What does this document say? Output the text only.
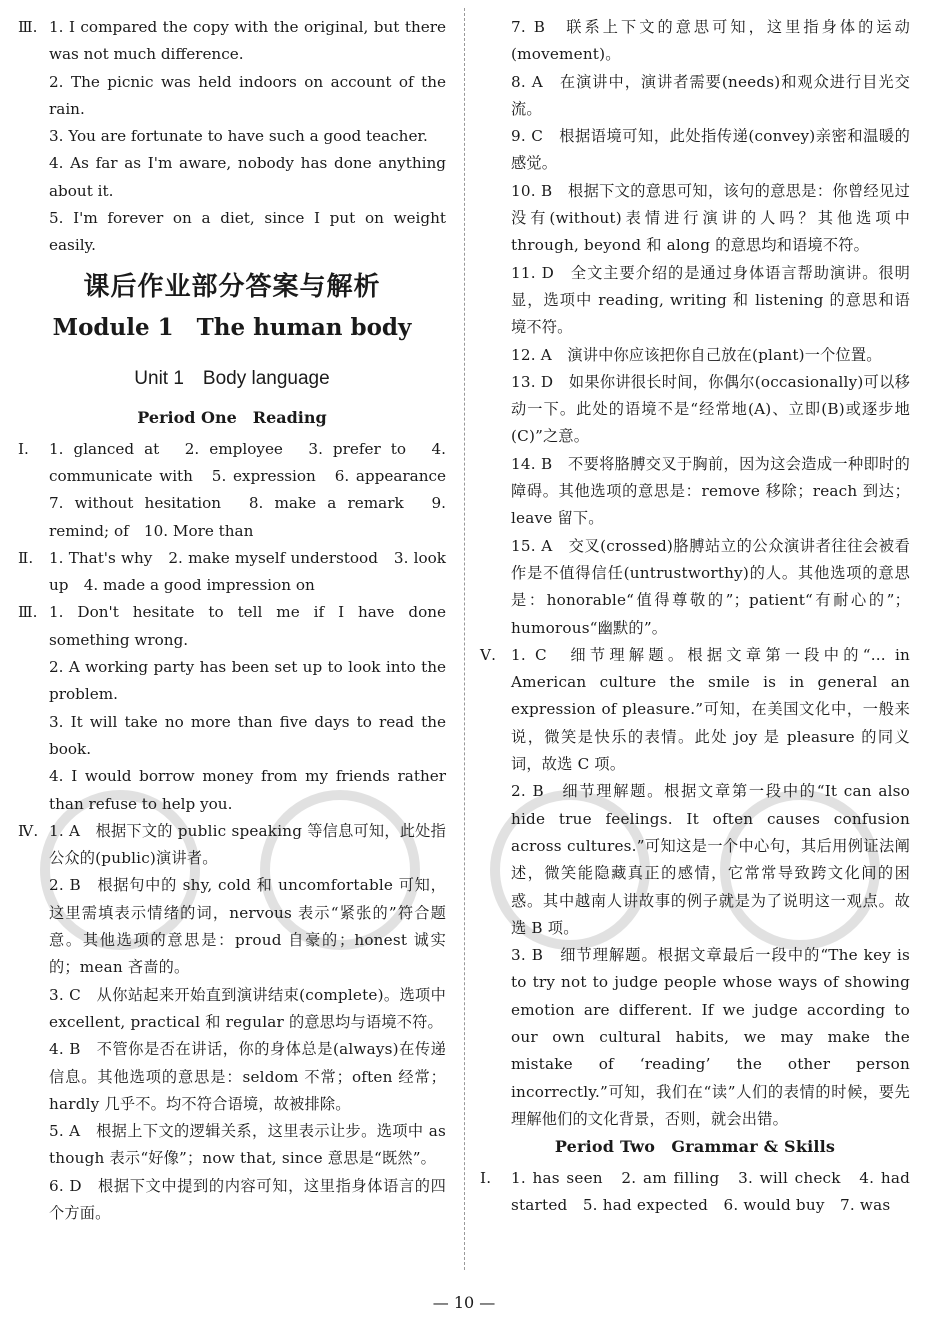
Ⅲ. 1. I compared the copy with the original, but there was not much difference.
2. The picnic was held indoors on account of the rain.
3. You are fortunate to have such a good teacher.
4. As far as I'm aware, nobody has done anything about it.
5. I'm forever on a diet, since I put on weight easily.
课后作业部分答案与解析
Module 1　The human body
Unit 1　Body language
Period One　Reading
Ⅰ.	1. glanced at　2. employee　3. prefer to　4. communicate with　5. expression　6. appearance　7. without hesitation　8. make a remark　9. remind; of　10. More than
Ⅱ.	1. That's why　2. make myself understood　3. look up　4. made a good impression on
Ⅲ. 1. Don't hesitate to tell me if I have done something wrong.
2. A working party has been set up to look into the problem.
3. It will take no more than five days to read the book.
4. I would borrow money from my friends rather than refuse to help you.
Ⅳ. 1. A　根据下文的 public speaking 等信息可知，此处指公众的(public)演讲者。
2. B　根据句中的 shy, cold 和 uncomfortable 可知，这里需填表示情绪的词，nervous 表示“紧张的”符合题意。其他选项的意思是：proud 自豪的；honest 诚实的；mean 吝啬的。
3. C　从你站起来开始直到演讲结束(complete)。选项中 excellent, practical 和 regular 的意思均与语境不符。
4. B　不管你是否在讲话，你的身体总是(always)在传递信息。其他选项的意思是：seldom 不常；often 经常；hardly 几乎不。均不符合语境，故被排除。
5. A　根据上下文的逻辑关系，这里表示让步。选项中 as though 表示“好像”；now that, since 意思是“既然”。
6. D　根据下文中提到的内容可知，这里指身体语言的四个方面。
7. B　联系上下文的意思可知，这里指身体的运动(movement)。
8. A　在演讲中，演讲者需要(needs)和观众进行目光交流。
9. C　根据语境可知，此处指传递(convey)亲密和温暖的感觉。
10. B　根据下文的意思可知，该句的意思是：你曾经见过没有(without)表情进行演讲的人吗？其他选项中 through, beyond 和 along 的意思均和语境不符。
11. D　全文主要介绍的是通过身体语言帮助演讲。很明显，选项中 reading, writing 和 listening 的意思和语境不符。
12. A　演讲中你应该把你自己放在(plant)一个位置。
13. D　如果你讲很长时间，你偶尔(occasionally)可以移动一下。此处的语境不是“经常地(A)、立即(B)或逐步地(C)”之意。
14. B　不要将胳膊交叉于胸前，因为这会造成一种即时的障碍。其他选项的意思是：remove 移除；reach 到达；leave 留下。
15. A　交叉(crossed)胳膊站立的公众演讲者往往会被看作是不值得信任(untrustworthy)的人。其他选项的意思是：honorable“值得尊敬的”；patient“有耐心的”；humorous“幽默的”。
Ⅴ. 1. C　细节理解题。根据文章第一段中的“... in American culture the smile is in general an expression of pleasure.”可知，在美国文化中，一般来说，微笑是快乐的表情。此处 joy 是 pleasure 的同义词，故选 C 项。
2. B　细节理解题。根据文章第一段中的“It can also hide true feelings. It often causes confusion across cultures.”可知这是一个中心句，其后用例证法阐述，微笑能隐藏真正的感情，它常常导致跨文化间的困惑。其中越南人讲故事的例子就是为了说明这一观点。故选 B 项。
3. B　细节理解题。根据文章最后一段中的“The key is to try not to judge people whose ways of showing emotion are different. If we judge according to our own cultural habits, we may make the mistake of ‘reading’ the other person incorrectly.”可知，我们在“读”人们的表情的时候，要先理解他们的文化背景，否则，就会出错。
Period Two　Grammar & Skills
Ⅰ.	1. has seen　2. am filling　3. will check　4. had started　5. had expected　6. would buy　7. was
— 10 —
